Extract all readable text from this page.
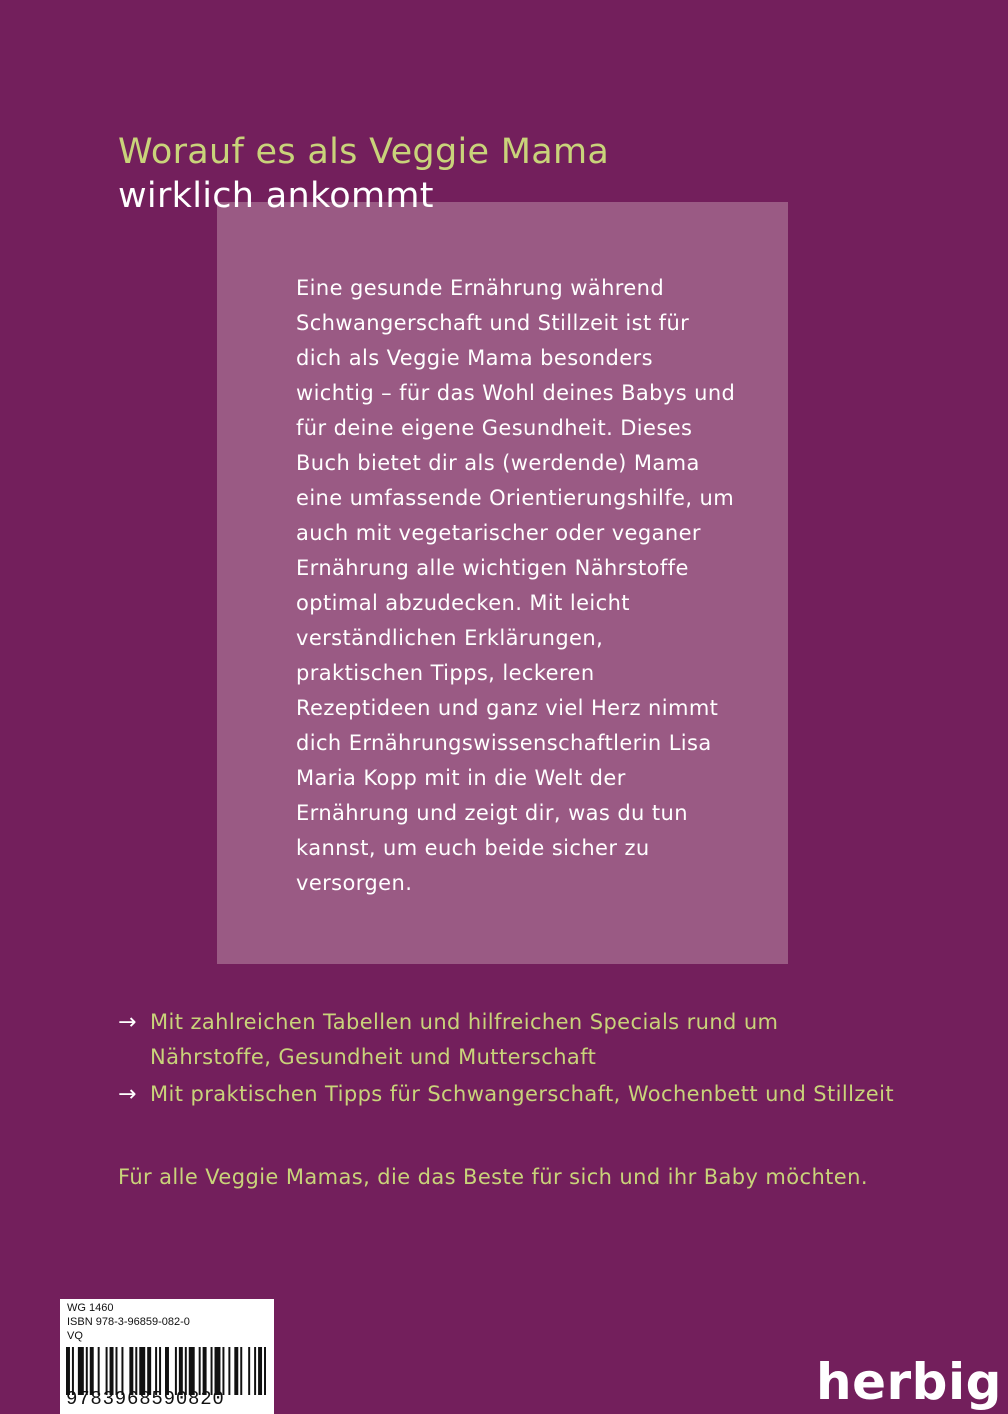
Worauf es als Veggie Mama
wirklich ankommt

Eine gesunde Ernährung während Schwangerschaft und Stillzeit ist für dich als Veggie Mama besonders wichtig – für das Wohl deines Babys und für deine eigene Gesundheit. Dieses Buch bietet dir als (werdende) Mama eine umfassende Orientierungshilfe, um auch mit vegetarischer oder veganer Ernährung alle wichtigen Nährstoffe optimal abzudecken. Mit leicht verständlichen Erklärungen, praktischen Tipps, leckeren Rezeptideen und ganz viel Herz nimmt dich Ernährungswissenschaftlerin Lisa Maria Kopp mit in die Welt der Ernährung und zeigt dir, was du tun kannst, um euch beide sicher zu versorgen.

→ Mit zahlreichen Tabellen und hilfreichen Specials rund um Nährstoffe, Gesundheit und Mutterschaft
→ Mit praktischen Tipps für Schwangerschaft, Wochenbett und Stillzeit
Für alle Veggie Mamas, die das Beste für sich und ihr Baby möchten.
WG 1460
ISBN 978-3-96859-082-0
VQ
9783968590820	herbig
